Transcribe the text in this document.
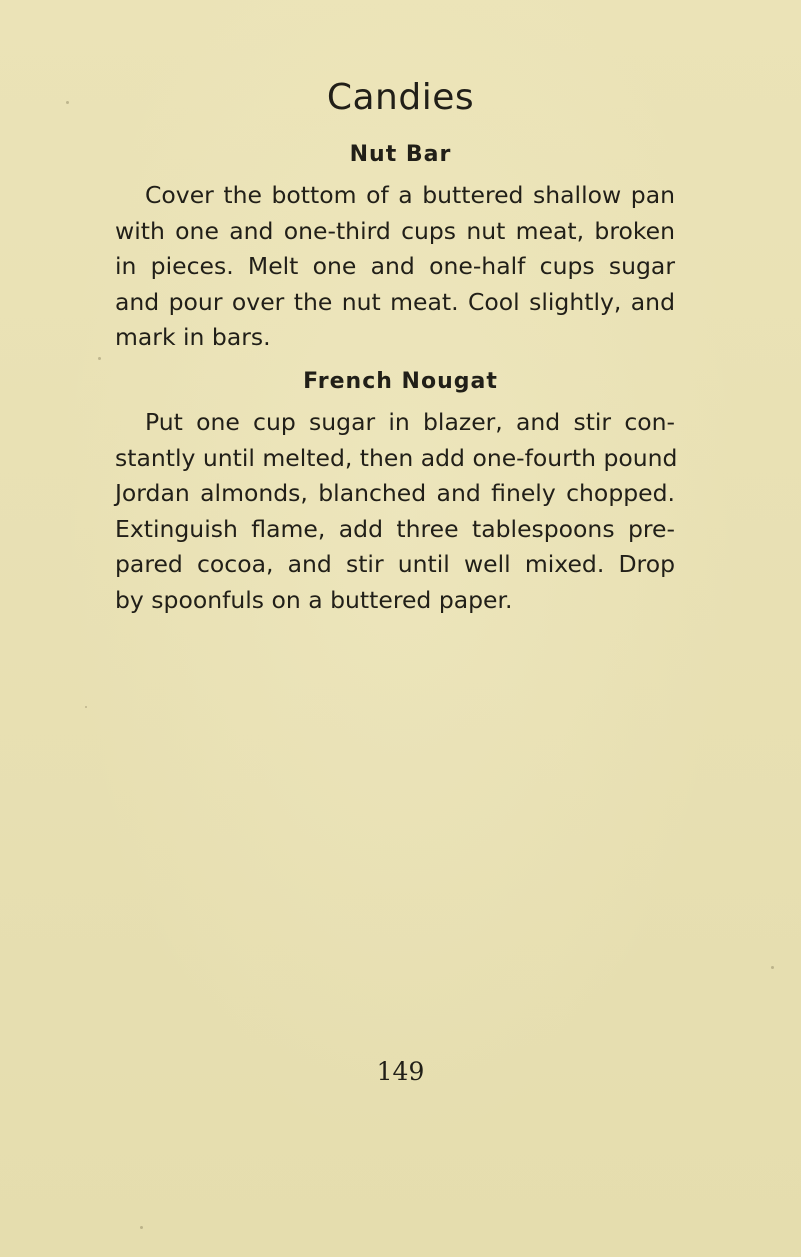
Candies
Nut Bar
Cover the bottom of a buttered shallow pan
with one and one-third cups nut meat, broken
in pieces. Melt one and one-half cups sugar
and pour over the nut meat. Cool slightly, and
mark in bars.
French Nougat
Put one cup sugar in blazer, and stir con-
stantly until melted, then add one-fourth pound
Jordan almonds, blanched and finely chopped.
Extinguish flame, add three tablespoons pre-
pared cocoa, and stir until well mixed. Drop
by spoonfuls on a buttered paper.
149
